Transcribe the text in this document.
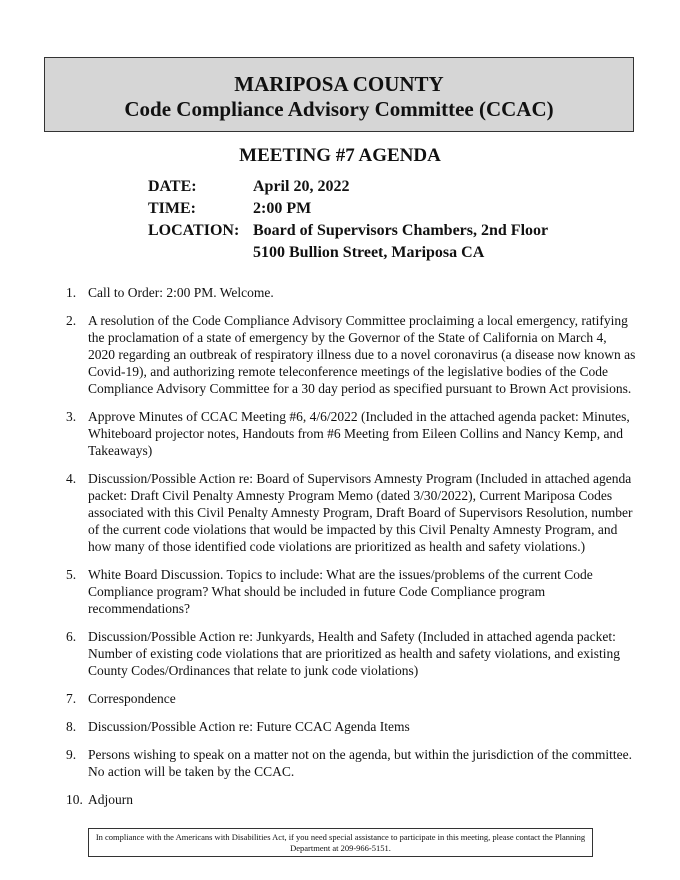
MARIPOSA COUNTY
Code Compliance Advisory Committee (CCAC)
MEETING #7 AGENDA
DATE:	April 20, 2022
TIME:	2:00 PM
LOCATION: Board of Supervisors Chambers, 2nd Floor
5100 Bullion Street, Mariposa CA
1. Call to Order: 2:00 PM. Welcome.
2. A resolution of the Code Compliance Advisory Committee proclaiming a local emergency, ratifying the proclamation of a state of emergency by the Governor of the State of California on March 4, 2020 regarding an outbreak of respiratory illness due to a novel coronavirus (a disease now known as Covid-19), and authorizing remote teleconference meetings of the legislative bodies of the Code Compliance Advisory Committee for a 30 day period as specified pursuant to Brown Act provisions.
3. Approve Minutes of CCAC Meeting #6, 4/6/2022 (Included in the attached agenda packet: Minutes, Whiteboard projector notes, Handouts from #6 Meeting from Eileen Collins and Nancy Kemp, and Takeaways)
4. Discussion/Possible Action re: Board of Supervisors Amnesty Program (Included in attached agenda packet: Draft Civil Penalty Amnesty Program Memo (dated 3/30/2022), Current Mariposa Codes associated with this Civil Penalty Amnesty Program, Draft Board of Supervisors Resolution, number of the current code violations that would be impacted by this Civil Penalty Amnesty Program, and how many of those identified code violations are prioritized as health and safety violations.)
5. White Board Discussion. Topics to include: What are the issues/problems of the current Code Compliance program? What should be included in future Code Compliance program recommendations?
6. Discussion/Possible Action re: Junkyards, Health and Safety (Included in attached agenda packet: Number of existing code violations that are prioritized as health and safety violations, and existing County Codes/Ordinances that relate to junk code violations)
7. Correspondence
8. Discussion/Possible Action re: Future CCAC Agenda Items
9. Persons wishing to speak on a matter not on the agenda, but within the jurisdiction of the committee. No action will be taken by the CCAC.
10. Adjourn
In compliance with the Americans with Disabilities Act, if you need special assistance to participate in this meeting, please contact the Planning Department at 209-966-5151.
